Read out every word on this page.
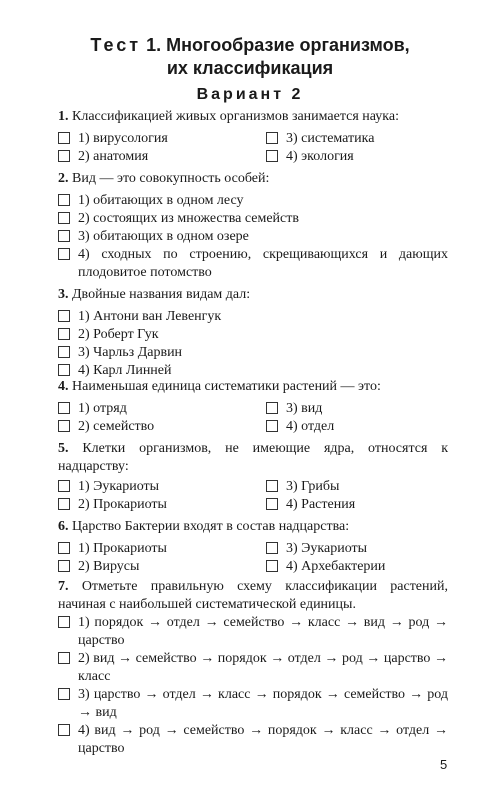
Тест 1. Многообразие организмов,
их классификация
Вариант 2
1. Классификацией живых организмов занимается наука:
1) вирусология
2) анатомия
3) систематика
4) экология
2. Вид — это совокупность особей:
1) обитающих в одном лесу
2) состоящих из множества семейств
3) обитающих в одном озере
4) сходных по строению, скрещивающихся и дающих плодовитое потомство
3. Двойные названия видам дал:
1) Антони ван Левенгук
2) Роберт Гук
3) Чарльз Дарвин
4) Карл Линней
4. Наименьшая единица систематики растений — это:
1) отряд
2) семейство
3) вид
4) отдел
5. Клетки организмов, не имеющие ядра, относятся к надцарству:
1) Эукариоты
2) Прокариоты
3) Грибы
4) Растения
6. Царство Бактерии входят в состав надцарства:
1) Прокариоты
2) Вирусы
3) Эукариоты
4) Архебактерии
7. Отметьте правильную схему классификации растений, начиная с наибольшей систематической единицы.
1) порядок → отдел → семейство → класс → вид → род → царство
2) вид → семейство → порядок → отдел → род → царство → класс
3) царство → отдел → класс → порядок → семейство → род → вид
4) вид → род → семейство → порядок → класс → отдел → царство
5
